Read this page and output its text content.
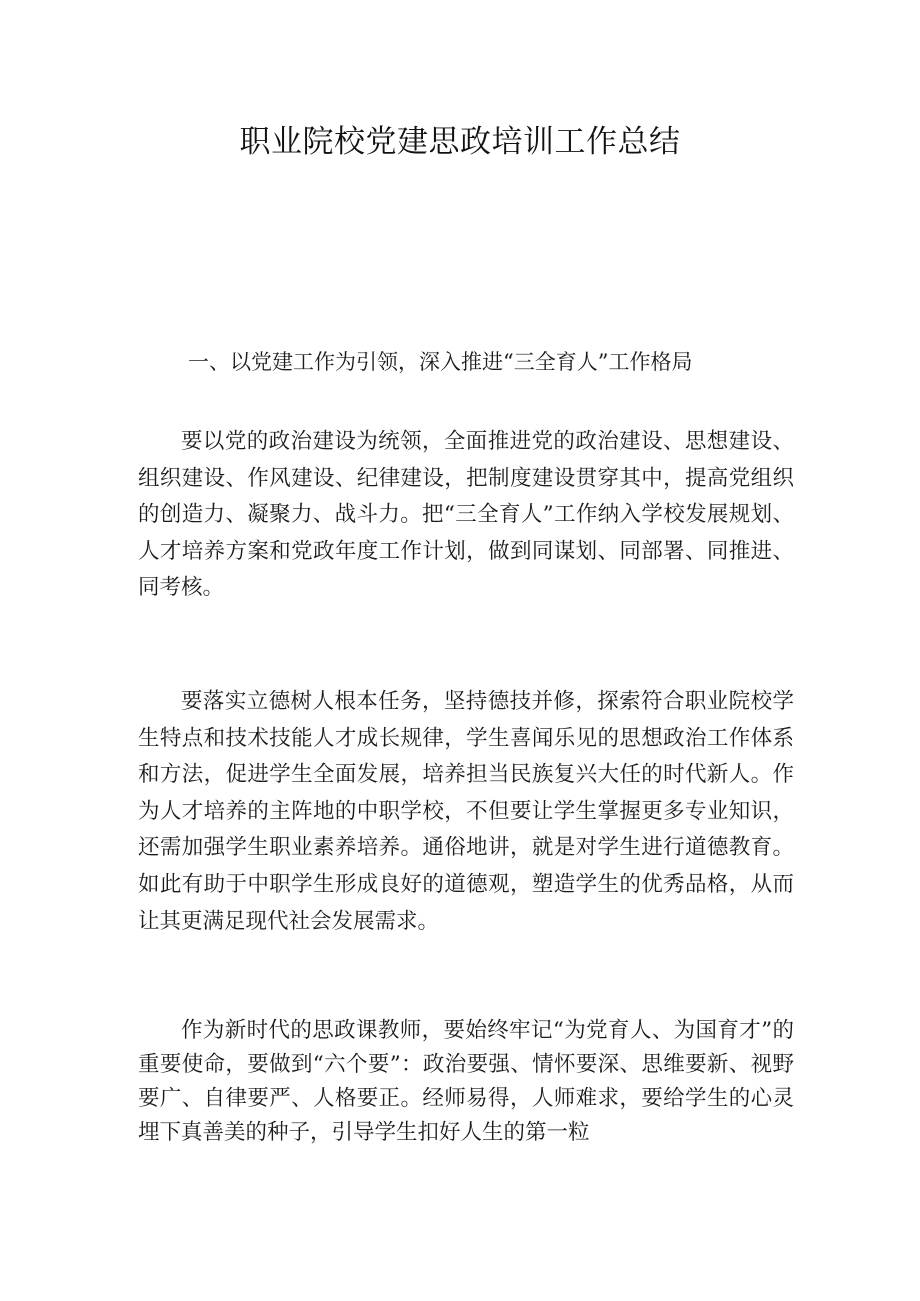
职业院校党建思政培训工作总结
一、以党建工作为引领，深入推进“三全育人”工作格局

要以党的政治建设为统领，全面推进党的政治建设、思想建设、组织建设、作风建设、纪律建设，把制度建设贯穿其中，提高党组织的创造力、凝聚力、战斗力。把“三全育人”工作纳入学校发展规划、人才培养方案和党政年度工作计划，做到同谋划、同部署、同推进、同考核。

要落实立德树人根本任务，坚持德技并修，探索符合职业院校学生特点和技术技能人才成长规律，学生喜闻乐见的思想政治工作体系和方法，促进学生全面发展，培养担当民族复兴大任的时代新人。作为人才培养的主阵地的中职学校，不但要让学生掌握更多专业知识，还需加强学生职业素养培养。通俗地讲，就是对学生进行道德教育。如此有助于中职学生形成良好的道德观，塑造学生的优秀品格，从而让其更满足现代社会发展需求。

作为新时代的思政课教师，要始终牢记“为党育人、为国育才”的重要使命，要做到“六个要”：政治要强、情怀要深、思维要新、视野要广、自律要严、人格要正。经师易得，人师难求，要给学生的心灵埋下真善美的种子，引导学生扣好人生的第一粒
